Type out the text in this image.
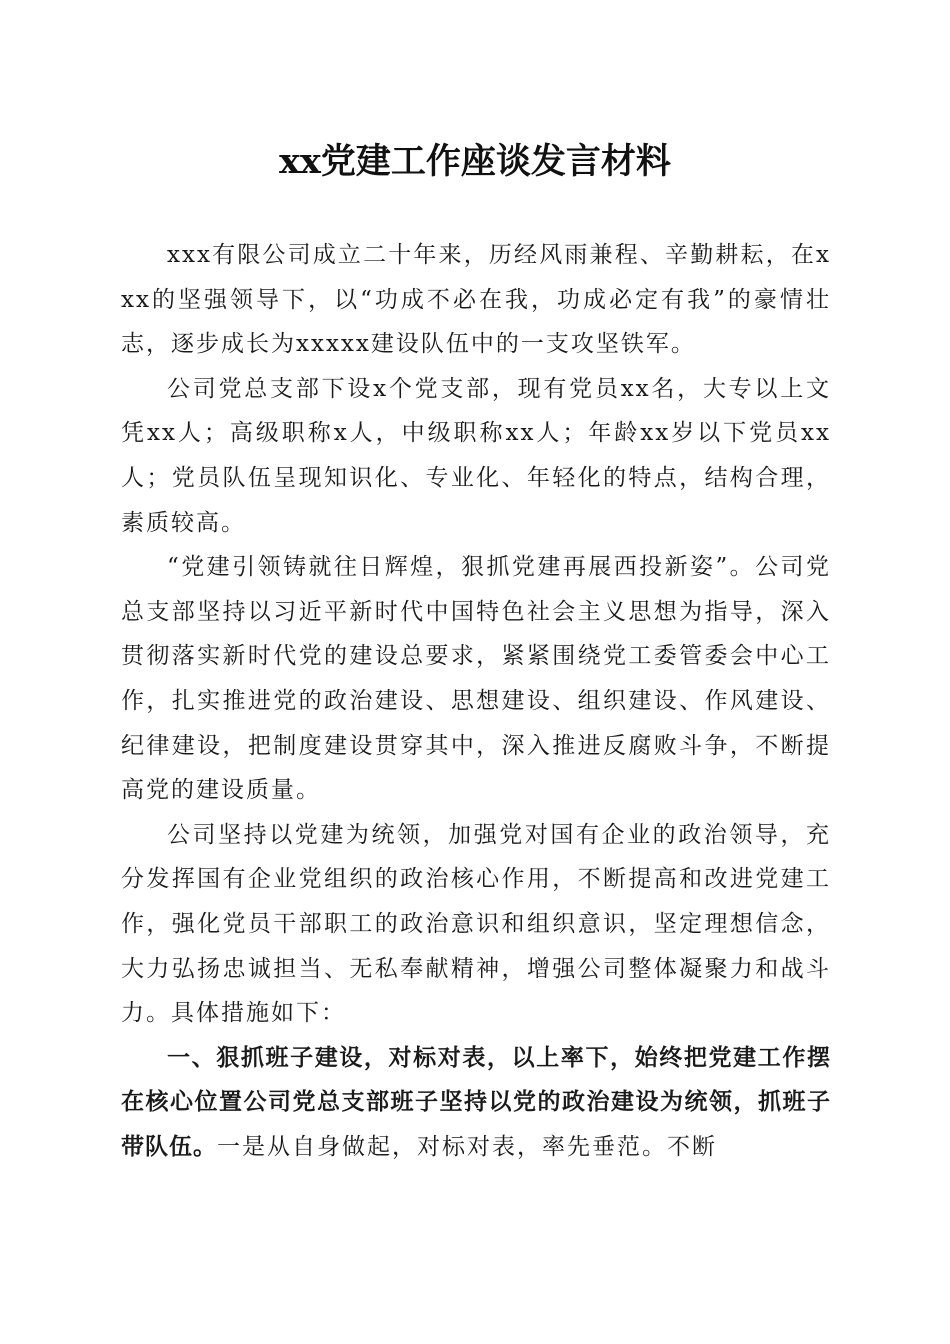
xx党建工作座谈发言材料

xxx有限公司成立二十年来，历经风雨兼程、辛勤耕耘，在xxx的坚强领导下，以“功成不必在我，功成必定有我”的豪情壮志，逐步成长为xxxxx建设队伍中的一支攻坚铁军。

公司党总支部下设x个党支部，现有党员xx名，大专以上文凭xx人；高级职称x人，中级职称xx人；年龄xx岁以下党员xx人；党员队伍呈现知识化、专业化、年轻化的特点，结构合理，素质较高。

“党建引领铸就往日辉煌，狠抓党建再展西投新姿”。公司党总支部坚持以习近平新时代中国特色社会主义思想为指导，深入贯彻落实新时代党的建设总要求，紧紧围绕党工委管委会中心工作，扎实推进党的政治建设、思想建设、组织建设、作风建设、纪律建设，把制度建设贯穿其中，深入推进反腐败斗争，不断提高党的建设质量。

公司坚持以党建为统领，加强党对国有企业的政治领导，充分发挥国有企业党组织的政治核心作用，不断提高和改进党建工作，强化党员干部职工的政治意识和组织意识，坚定理想信念，大力弘扬忠诚担当、无私奉献精神，增强公司整体凝聚力和战斗力。具体措施如下：

一、狠抓班子建设，对标对表，以上率下，始终把党建工作摆在核心位置公司党总支部班子坚持以党的政治建设为统领，抓班子带队伍。一是从自身做起，对标对表，率先垂范。不断
